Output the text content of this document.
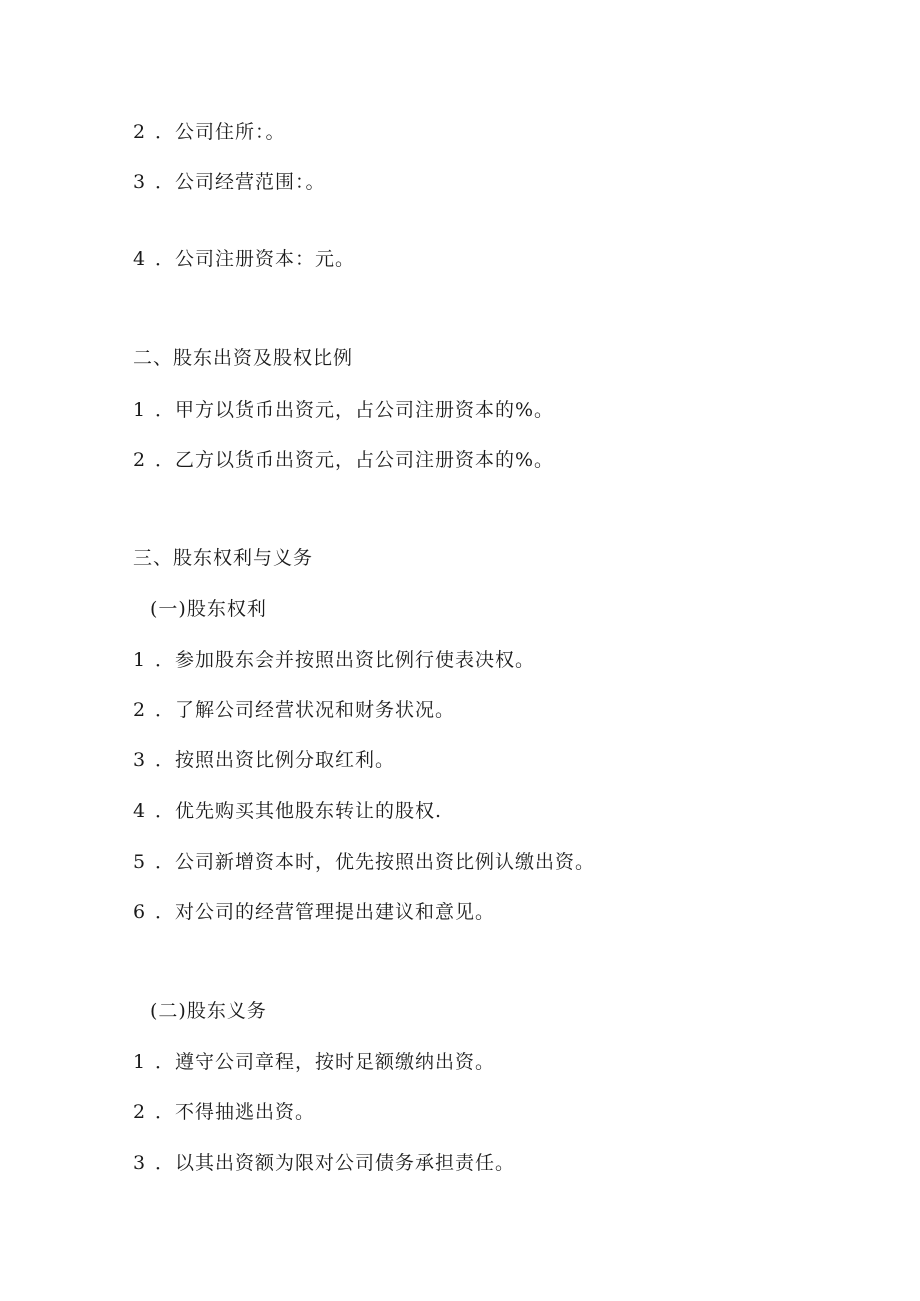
2 ．公司住所：。
3 ．公司经营范围：。
4 ．公司注册资本：元。
二、股东出资及股权比例
1 ．甲方以货币出资元，占公司注册资本的%。
2 ．乙方以货币出资元，占公司注册资本的%。
三、股东权利与义务
(一)股东权利
1 ．参加股东会并按照出资比例行使表决权。
2 ．了解公司经营状况和财务状况。
3 ．按照出资比例分取红利。
4 ．优先购买其他股东转让的股权.
5 ．公司新增资本时，优先按照出资比例认缴出资。
6 ．对公司的经营管理提出建议和意见。
(二)股东义务
1 ．遵守公司章程，按时足额缴纳出资。
2 ．不得抽逃出资。
3 ．以其出资额为限对公司债务承担责任。
